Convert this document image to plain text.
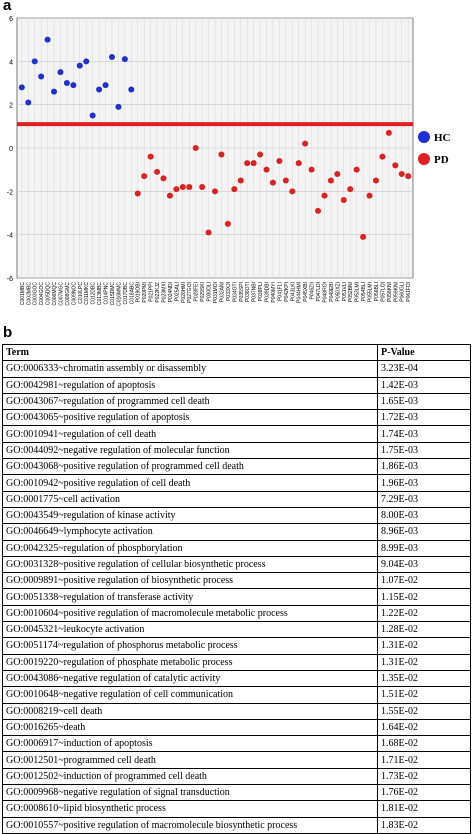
a
6
4
2
0
-2
-4
-6
C001MBC C002MBC C003GOC C004GOC C005DQC C006MQC C007MGC C008GMC C009NOC C010LPC C011MKC C012DBC C013MBC C014PNC C015DMC C016MMC C017DBC C018ABC P019OBI P020PMI P021PPI P022KJZ P023MXI P024NDI P025ALI P026HMI P027GOI P028FEI P029SKI P030DLI P031MOI P032ANI P033XJI P034OTI P035SPI P036OTI P037NBI P038PLI P039DBI P040MYI P041FLI P042KPI P043LKI P044HMI P045XBI P046ZII P047LDI P048ROI P049EBI P050XZI P051VLI P052BNI P053LMI P054BLI P055LMI P056BLI P057LOI P058KNI P059KNI P060GLI P061FDI
HC
PD
b
Term	P-Value
GO:0006333~chromatin assembly or disassembly	3.23E-04
GO:0042981~regulation of apoptosis	1.42E-03
GO:0043067~regulation of programmed cell death	1.65E-03
GO:0043065~positive regulation of apoptosis	1.72E-03
GO:0010941~regulation of cell death	1.74E-03
GO:0044092~negative regulation of molecular function	1.75E-03
GO:0043068~positive regulation of programmed cell death	1.86E-03
GO:0010942~positive regulation of cell death	1.96E-03
GO:0001775~cell activation	7.29E-03
GO:0043549~regulation of kinase activity	8.00E-03
GO:0046649~lymphocyte activation	8.96E-03
GO:0042325~regulation of phosphorylation	8.99E-03
GO:0031328~positive regulation of cellular biosynthetic process	9.04E-03
GO:0009891~positive regulation of biosynthetic process	1.07E-02
GO:0051338~regulation of transferase activity	1.15E-02
GO:0010604~positive regulation of macromolecule metabolic process	1.22E-02
GO:0045321~leukocyte activation	1.28E-02
GO:0051174~regulation of phosphorus metabolic process	1.31E-02
GO:0019220~regulation of phosphate metabolic process	1.31E-02
GO:0043086~negative regulation of catalytic activity	1.35E-02
GO:0010648~negative regulation of cell communication	1.51E-02
GO:0008219~cell death	1.55E-02
GO:0016265~death	1.64E-02
GO:0006917~induction of apoptosis	1.68E-02
GO:0012501~programmed cell death	1.71E-02
GO:0012502~induction of programmed cell death	1.73E-02
GO:0009968~negative regulation of signal transduction	1.76E-02
GO:0008610~lipid biosynthetic process	1.81E-02
GO:0010557~positive regulation of macromolecule biosynthetic process	1.83E-02
